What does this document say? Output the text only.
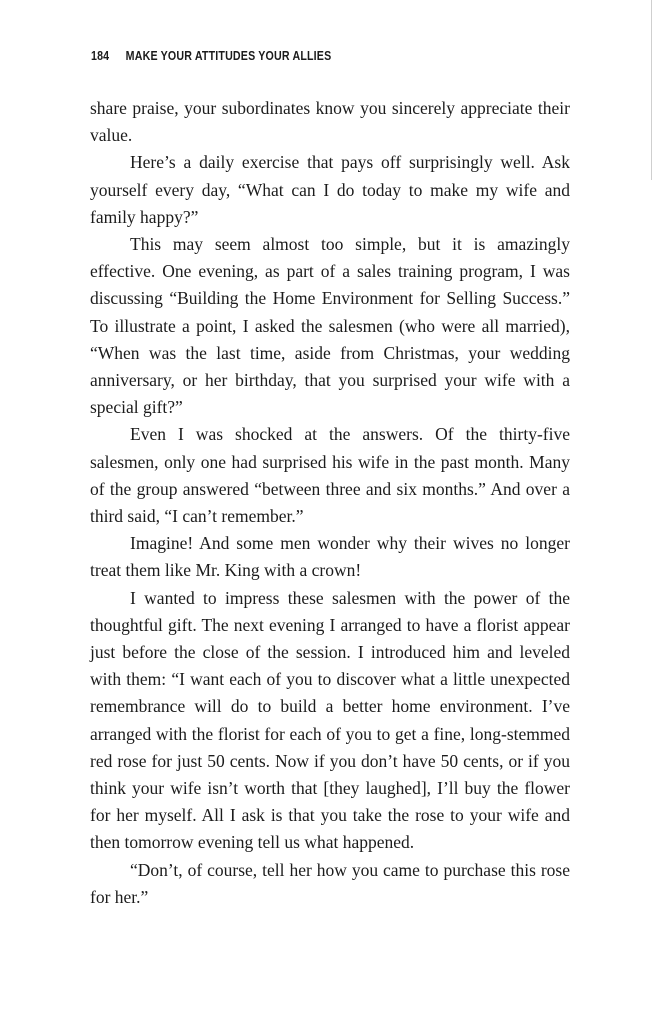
184 MAKE YOUR ATTITUDES YOUR ALLIES

share praise, your subordinates know you sincerely appreciate their value.

Here’s a daily exercise that pays off surprisingly well. Ask yourself every day, “What can I do today to make my wife and family happy?”

This may seem almost too simple, but it is amazingly effective. One evening, as part of a sales training program, I was discussing “Building the Home Environment for Selling Success.” To illustrate a point, I asked the salesmen (who were all married), “When was the last time, aside from Christmas, your wedding anniversary, or her birthday, that you surprised your wife with a special gift?”

Even I was shocked at the answers. Of the thirty-five salesmen, only one had surprised his wife in the past month. Many of the group answered “between three and six months.” And over a third said, “I can’t remember.”

Imagine! And some men wonder why their wives no longer treat them like Mr. King with a crown!

I wanted to impress these salesmen with the power of the thoughtful gift. The next evening I arranged to have a florist appear just before the close of the session. I introduced him and leveled with them: “I want each of you to discover what a little unexpected remembrance will do to build a better home environment. I’ve arranged with the florist for each of you to get a fine, long-stemmed red rose for just 50 cents. Now if you don’t have 50 cents, or if you think your wife isn’t worth that [they laughed], I’ll buy the flower for her myself. All I ask is that you take the rose to your wife and then tomorrow evening tell us what happened.

“Don’t, of course, tell her how you came to purchase this rose for her.”
